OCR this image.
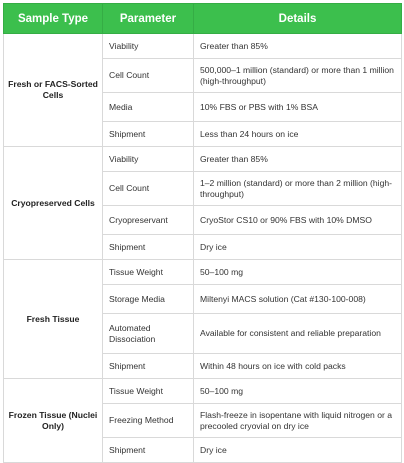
Sample Type	Parameter	Details
Fresh or FACS-Sorted Cells	Viability	Greater than 85%
	Cell Count	500,000–1 million (standard) or more than 1 million (high-throughput)
	Media	10% FBS or PBS with 1% BSA
	Shipment	Less than 24 hours on ice
Cryopreserved Cells	Viability	Greater than 85%
	Cell Count	1–2 million (standard) or more than 2 million (high-throughput)
	Cryopreservant	CryoStor CS10 or 90% FBS with 10% DMSO
	Shipment	Dry ice
Fresh Tissue	Tissue Weight	50–100 mg
	Storage Media	Miltenyi MACS solution (Cat #130-100-008)
	Automated Dissociation	Available for consistent and reliable preparation
	Shipment	Within 48 hours on ice with cold packs
Frozen Tissue (Nuclei Only)	Tissue Weight	50–100 mg
	Freezing Method	Flash-freeze in isopentane with liquid nitrogen or a precooled cryovial on dry ice
	Shipment	Dry ice
